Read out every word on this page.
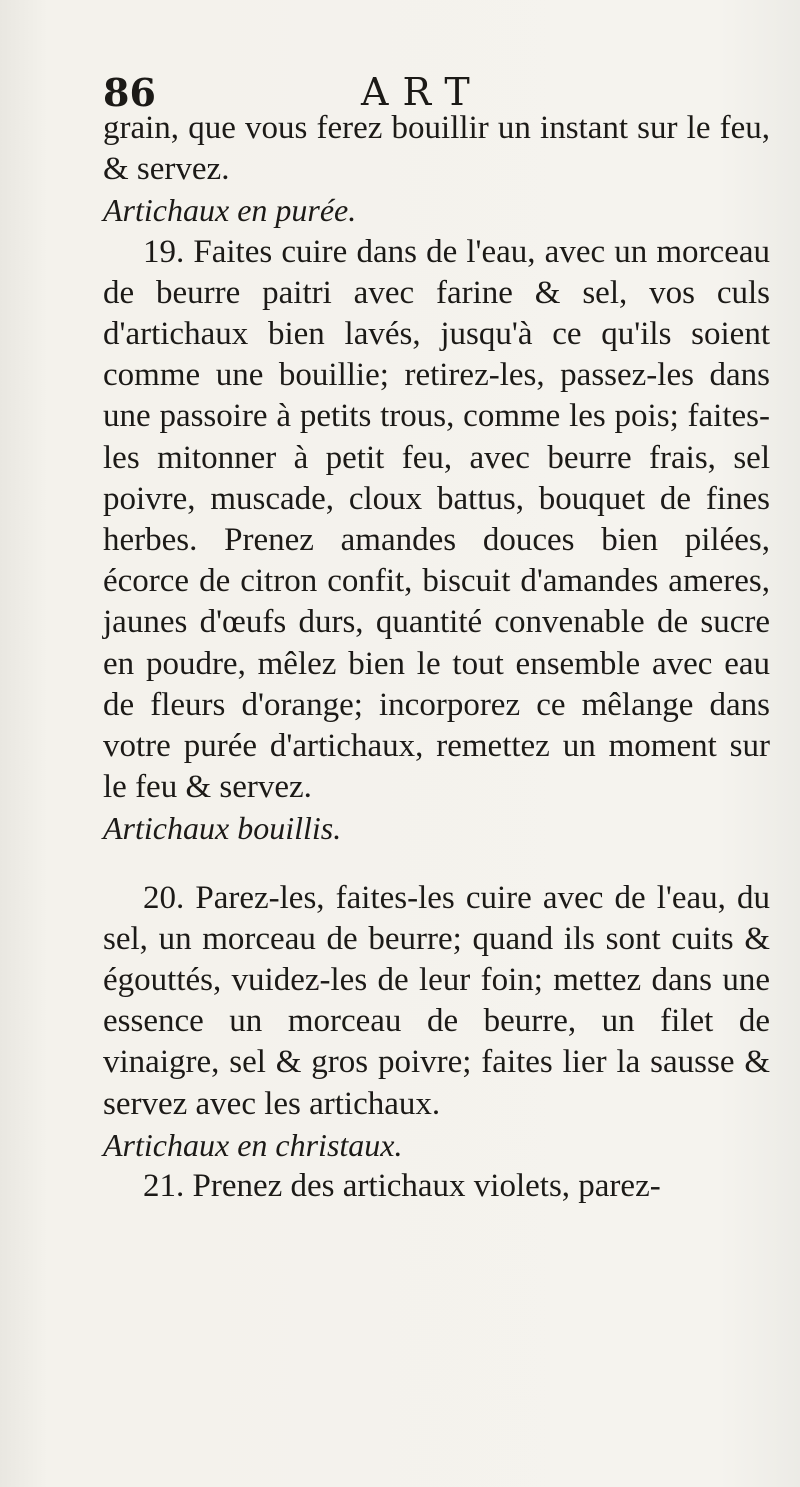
86	ART

grain, que vous ferez bouillir un instant sur le feu, & servez.

Artichaux en purée.

19. Faites cuire dans de l'eau, avec un morceau de beurre paitri avec farine & sel, vos culs d'artichaux bien lavés, jusqu'à ce qu'ils soient comme une bouillie; retirez-les, passez-les dans une passoire à petits trous, comme les pois; faites-les mitonner à petit feu, avec beurre frais, sel poivre, muscade, cloux battus, bouquet de fines herbes. Prenez amandes douces bien pilées, écorce de citron confit, biscuit d'amandes ameres, jaunes d'œufs durs, quantité convenable de sucre en poudre, mêlez bien le tout ensemble avec eau de fleurs d'orange; incorporez ce mêlange dans votre purée d'artichaux, remettez un moment sur le feu & servez.

Artichaux bouillis.

20. Parez-les, faites-les cuire avec de l'eau, du sel, un morceau de beurre; quand ils sont cuits & égouttés, vuidez-les de leur foin; mettez dans une essence un morceau de beurre, un filet de vinaigre, sel & gros poivre; faites lier la sausse & servez avec les artichaux.

Artichaux en christaux.

21. Prenez des artichaux violets, parez-
